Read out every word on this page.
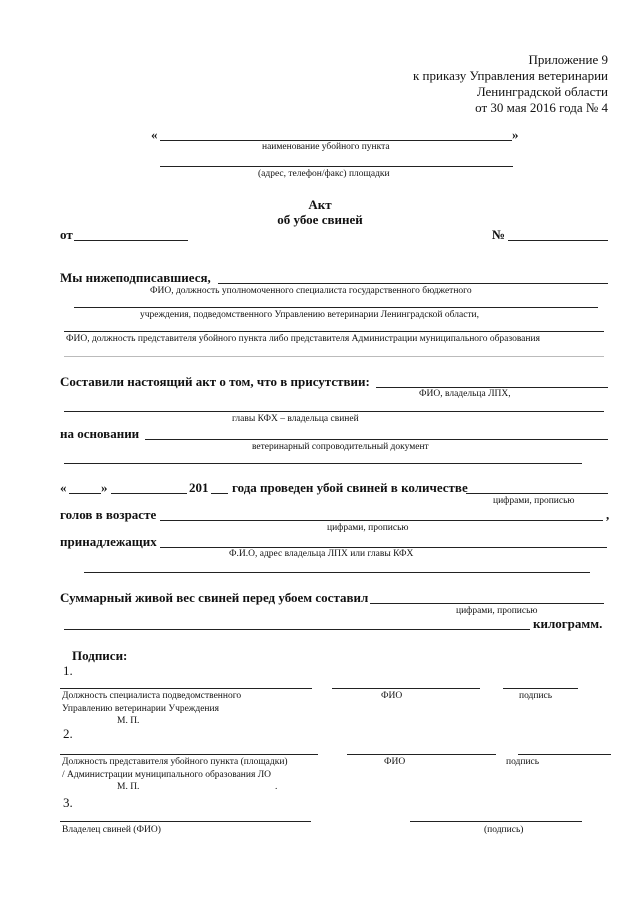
Приложение 9
к приказу Управления ветеринарии
Ленинградской области
от 30 мая 2016 года № 4
«	»
наименование убойного пункта
(адрес, телефон/факс) площадки
Акт
об убое свиней
от	№
Мы нижеподписавшиеся,
ФИО, должность уполномоченного специалиста государственного бюджетного
учреждения, подведомственного Управлению ветеринарии Ленинградской области,
ФИО, должность представителя убойного пункта либо представителя Администрации муниципального образования
Составили настоящий акт о том, что в присутствии:
ФИО, владельца ЛПХ,
главы КФХ – владельца свиней
на основании
ветеринарный сопроводительный документ
«	»	201 года проведен убой свиней в количестве
цифрами, прописью
голов в возрасте	,
цифрами, прописью
принадлежащих
Ф.И.О, адрес владельца ЛПХ или главы КФХ
Суммарный живой вес свиней перед убоем составил
цифрами, прописью
килограмм.
Подписи:
1.
Должность специалиста подведомственного	ФИО	подпись
Управлению ветеринарии Учреждения
М. П.
2.
Должность представителя убойного пункта (площадки)	ФИО	подпись
/ Администрации муниципального образования ЛО
М. П.	.
3.
Владелец свиней (ФИО)	(подпись)
